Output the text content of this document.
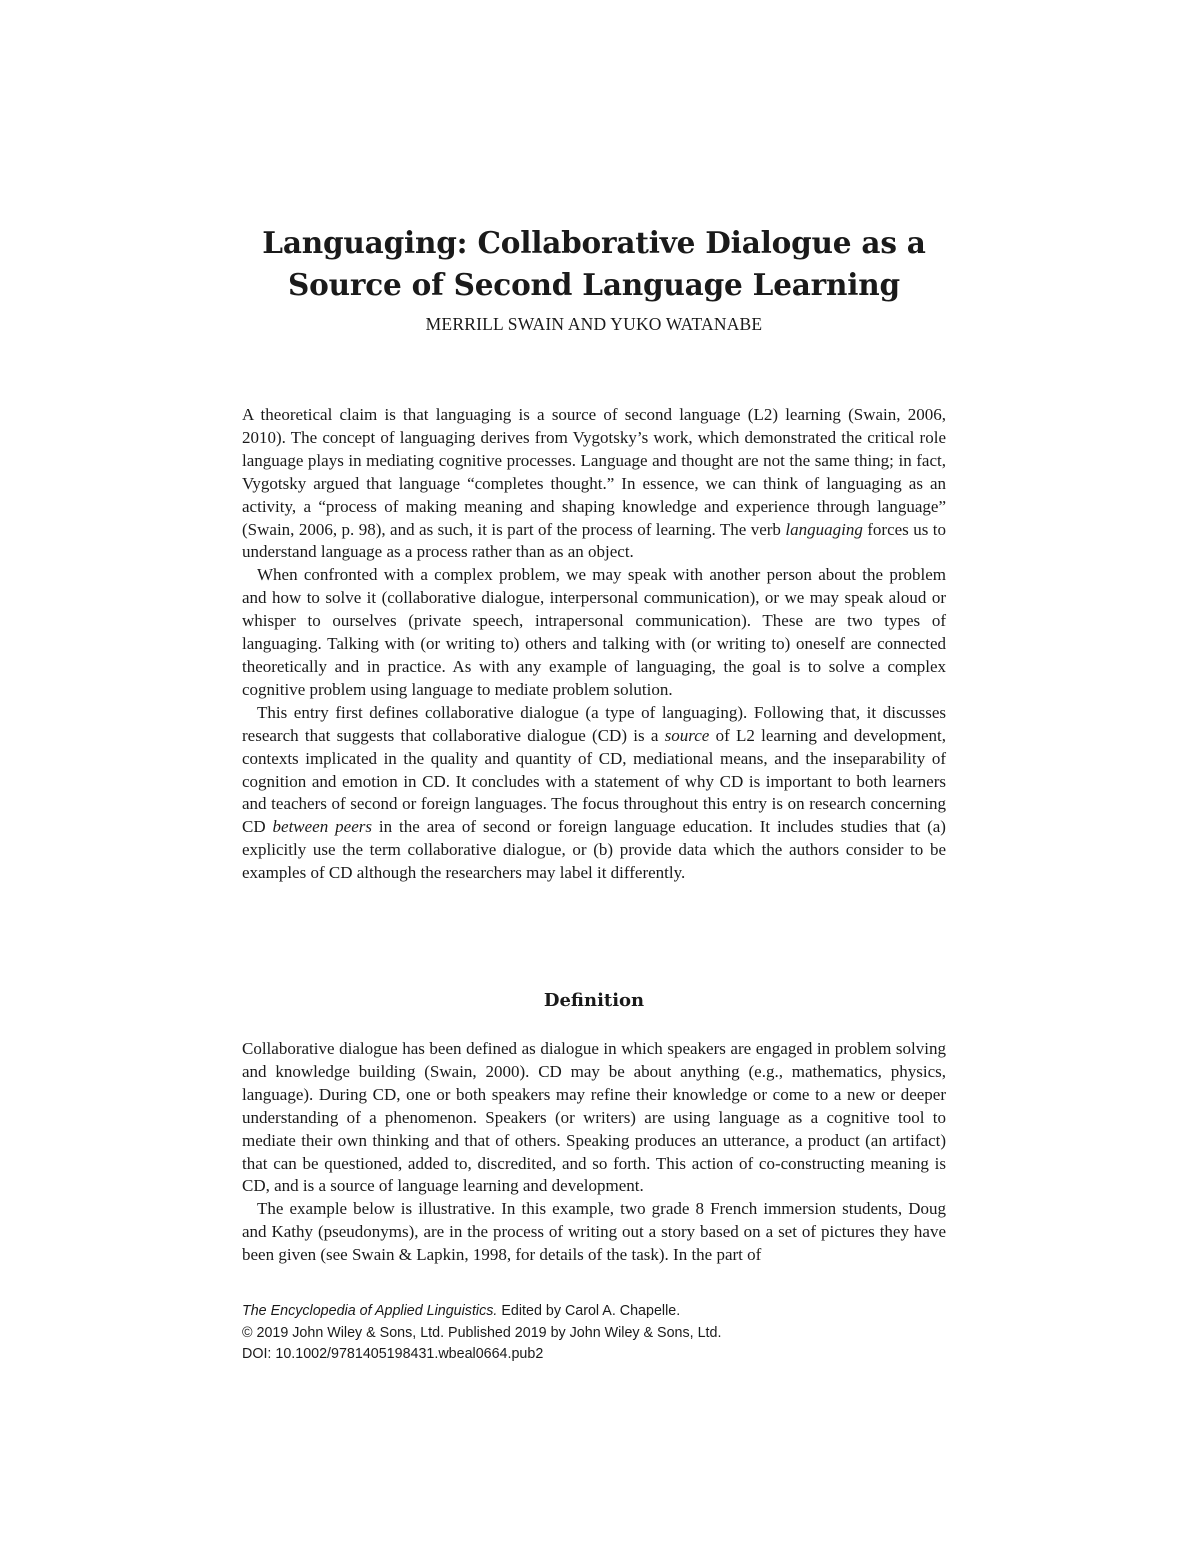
Languaging: Collaborative Dialogue as a
Source of Second Language Learning
MERRILL SWAIN AND YUKO WATANABE

A theoretical claim is that languaging is a source of second language (L2) learning (Swain, 2006, 2010). The concept of languaging derives from Vygotsky’s work, which demonstrated the critical role language plays in mediating cognitive processes. Language and thought are not the same thing; in fact, Vygotsky argued that language “completes thought.” In essence, we can think of languaging as an activity, a “process of making meaning and shaping knowledge and experience through language” (Swain, 2006, p. 98), and as such, it is part of the process of learning. The verb languaging forces us to understand language as a process rather than as an object.

When confronted with a complex problem, we may speak with another person about the problem and how to solve it (collaborative dialogue, interpersonal communication), or we may speak aloud or whisper to ourselves (private speech, intrapersonal communication). These are two types of languaging. Talking with (or writing to) others and talking with (or writing to) oneself are connected theoretically and in practice. As with any example of languaging, the goal is to solve a complex cognitive problem using language to mediate problem solution.

This entry first defines collaborative dialogue (a type of languaging). Following that, it discusses research that suggests that collaborative dialogue (CD) is a source of L2 learning and development, contexts implicated in the quality and quantity of CD, mediational means, and the inseparability of cognition and emotion in CD. It concludes with a statement of why CD is important to both learners and teachers of second or foreign languages. The focus throughout this entry is on research concerning CD between peers in the area of second or foreign language education. It includes studies that (a) explicitly use the term collaborative dialogue, or (b) provide data which the authors consider to be examples of CD although the researchers may label it differently.

Definition

Collaborative dialogue has been defined as dialogue in which speakers are engaged in problem solving and knowledge building (Swain, 2000). CD may be about anything (e.g., mathematics, physics, language). During CD, one or both speakers may refine their knowledge or come to a new or deeper understanding of a phenomenon. Speakers (or writers) are using language as a cognitive tool to mediate their own thinking and that of others. Speaking produces an utterance, a product (an artifact) that can be questioned, added to, discredited, and so forth. This action of co-constructing meaning is CD, and is a source of language learning and development.

The example below is illustrative. In this example, two grade 8 French immersion students, Doug and Kathy (pseudonyms), are in the process of writing out a story based on a set of pictures they have been given (see Swain & Lapkin, 1998, for details of the task). In the part of

The Encyclopedia of Applied Linguistics. Edited by Carol A. Chapelle.
© 2019 John Wiley & Sons, Ltd. Published 2019 by John Wiley & Sons, Ltd.
DOI: 10.1002/9781405198431.wbeal0664.pub2
